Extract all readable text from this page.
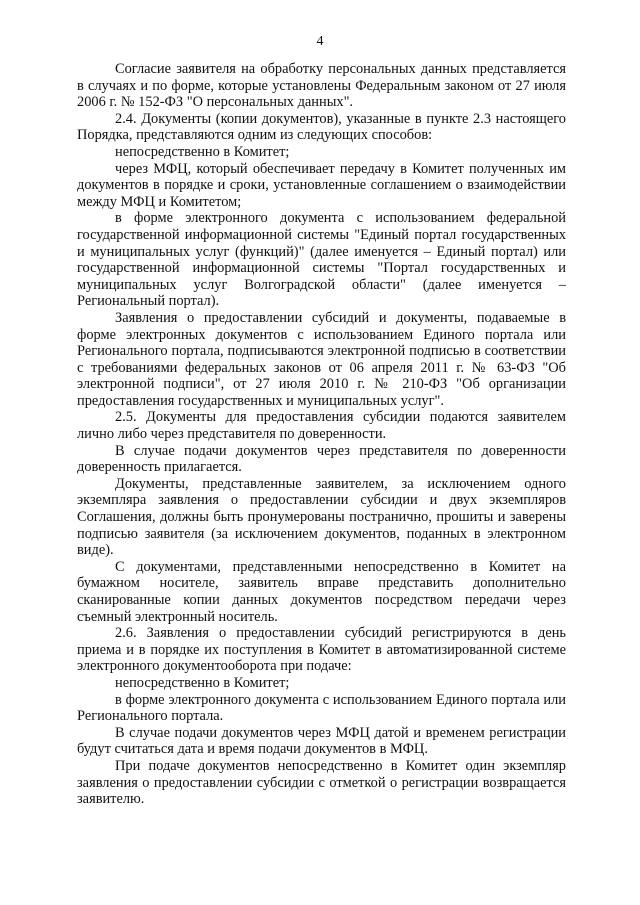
4

Согласие заявителя на обработку персональных данных представляется в случаях и по форме, которые установлены Федеральным законом от 27 июля 2006 г. № 152-ФЗ "О персональных данных".

2.4. Документы (копии документов), указанные в пункте 2.3 настоящего Порядка, представляются одним из следующих способов:

непосредственно в Комитет;

через МФЦ, который обеспечивает передачу в Комитет полученных им документов в порядке и сроки, установленные соглашением о взаимодействии между МФЦ и Комитетом;

в форме электронного документа с использованием федеральной государственной информационной системы "Единый портал государственных и муниципальных услуг (функций)" (далее именуется – Единый портал) или государственной информационной системы "Портал государственных и муниципальных услуг Волгоградской области" (далее именуется – Региональный портал).

Заявления о предоставлении субсидий и документы, подаваемые в форме электронных документов с использованием Единого портала или Регионального портала, подписываются электронной подписью в соответствии с требованиями федеральных законов от 06 апреля 2011 г. № 63-ФЗ "Об электронной подписи", от 27 июля 2010 г. № 210-ФЗ "Об организации предоставления государственных и муниципальных услуг".

2.5. Документы для предоставления субсидии подаются заявителем лично либо через представителя по доверенности.

В случае подачи документов через представителя по доверенности доверенность прилагается.

Документы, представленные заявителем, за исключением одного экземпляра заявления о предоставлении субсидии и двух экземпляров Соглашения, должны быть пронумерованы постранично, прошиты и заверены подписью заявителя (за исключением документов, поданных в электронном виде).

С документами, представленными непосредственно в Комитет на бумажном носителе, заявитель вправе представить дополнительно сканированные копии данных документов посредством передачи через съемный электронный носитель.

2.6. Заявления о предоставлении субсидий регистрируются в день приема и в порядке их поступления в Комитет в автоматизированной системе электронного документооборота при подаче:

непосредственно в Комитет;

в форме электронного документа с использованием Единого портала или Регионального портала.

В случае подачи документов через МФЦ датой и временем регистрации будут считаться дата и время подачи документов в МФЦ.

При подаче документов непосредственно в Комитет один экземпляр заявления о предоставлении субсидии с отметкой о регистрации возвращается заявителю.
